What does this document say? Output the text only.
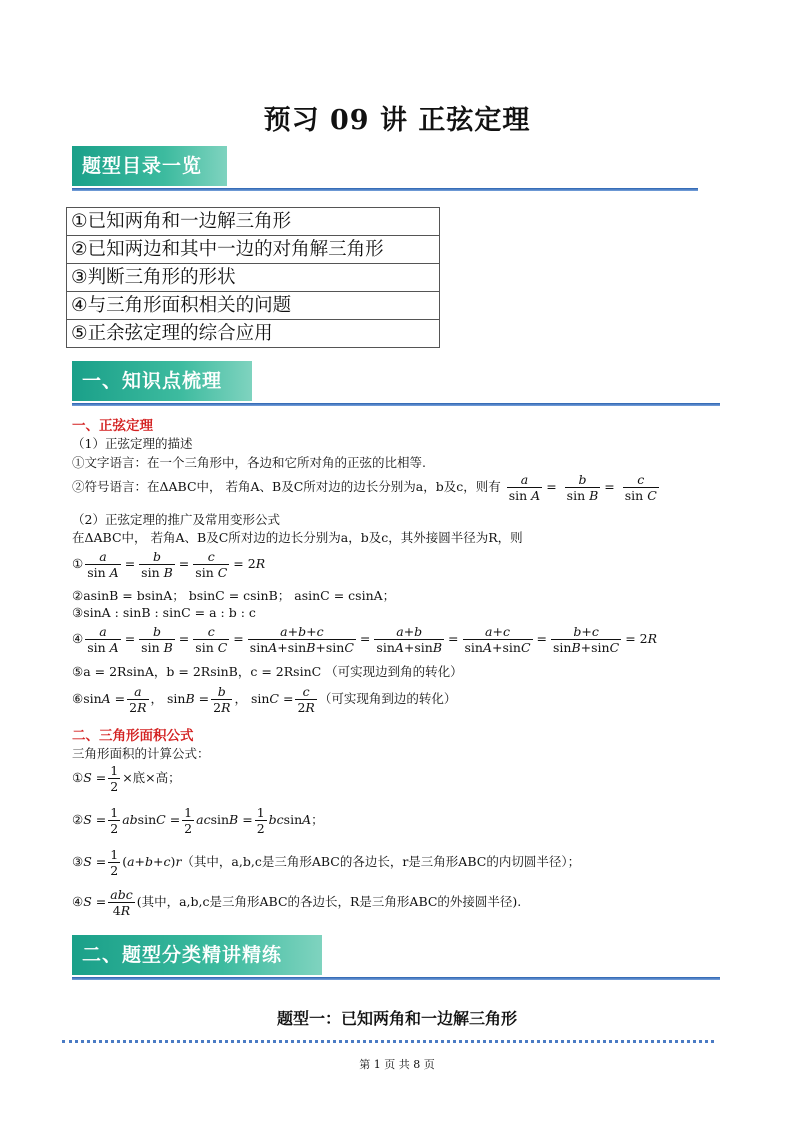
预习 09 讲 正弦定理
题型目录一览
①已知两角和一边解三角形
②已知两边和其中一边的对角解三角形
③判断三角形的形状
④与三角形面积相关的问题
⑤正余弦定理的综合应用
一、知识点梳理
一、正弦定理
（1）正弦定理的描述
①文字语言：在一个三角形中，各边和它所对角的正弦的比相等.
②符号语言：在ΔABC中， 若角A、B及C所对边的边长分别为a，b及c，则有 $\frac{a}{\text{sin A}} = \frac{b}{\text{sin B}} = \frac{c}{\text{sin C}}$
（2）正弦定理的推广及常用变形公式
在ΔABC中， 若角A、B及C所对边的边长分别为a，b及c，其外接圆半径为R，则
① $\frac{a}{\text{sin A}} = \frac{b}{\text{sin B}} = \frac{c}{\text{sin C}} = 2R$
②asinB = bsinA； bsinC = csinB； asinC = csinA；
③sinA : sinB : sinC = a : b : c
④ $\frac{a}{\text{sin A}} = \frac{b}{\text{sin B}} = \frac{c}{\text{sin C}} = \frac{a+b+c}{\sin A+\sin B+\sin C} = \frac{a+b}{\sin A+\sin B} = \frac{a+c}{\sin A+\sin C} = \frac{b+c}{\sin B+\sin C} = 2R$
⑤a = 2RsinA，b = 2RsinB，c = 2RsinC （可实现边到角的转化）
⑥sinA = $\frac{a}{2R}$ ， $\sin B = \frac{b}{2R}$ ， $\sin C = \frac{c}{2R}$ （可实现角到边的转化）
二、三角形面积公式
三角形面积的计算公式：
①S = $\frac{1}{2}$ ×底×高；
②S = $\frac{1}{2}$ $absinC = \frac{1}{2}$ $acsinB = \frac{1}{2}$ bcsinA；
③S = $\frac{1}{2} (a+b+c)r$（其中，a,b,c是三角形ABC的各边长，r是三角形ABC的内切圆半径）；
④S = $\frac{\text{abc}}{4R}$ (其中，a,b,c是三角形ABC的各边长，R是三角形ABC的外接圆半径).
二、题型分类精讲精练
题型一：已知两角和一边解三角形
第 1 页 共 8 页
